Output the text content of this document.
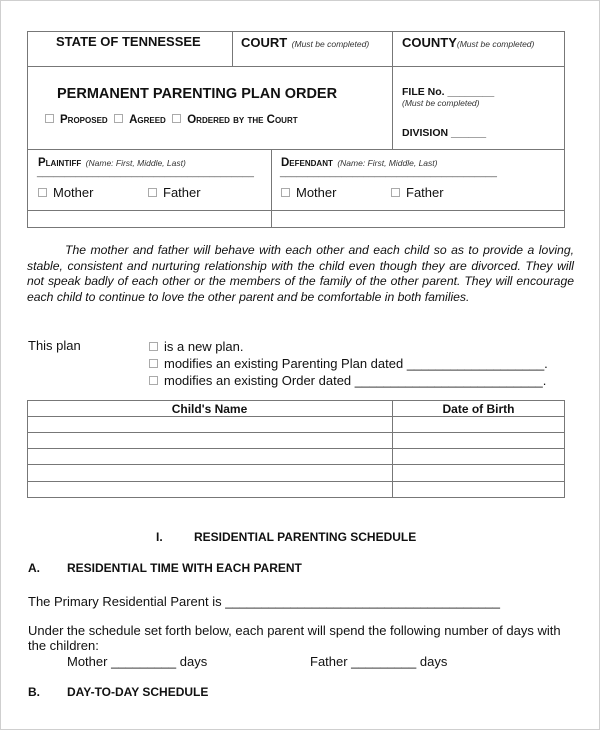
STATE OF TENNESSEE	COURT (Must be completed)	COUNTY(Must be completed)
PERMANENT PARENTING PLAN ORDER
Proposed Agreed Ordered by the Court
FILE No. ________
(Must be completed)
DIVISION ______
Plaintiff (Name: First, Middle, Last)
_______________________________________
Mother	Father
Defendant (Name: First, Middle, Last)
_______________________________________
Mother	Father

The mother and father will behave with each other and each child so as to provide a loving, stable, consistent and nurturing relationship with the child even though they are divorced. They will not speak badly of each other or the members of the family of the other parent. They will encourage each child to continue to love the other parent and be comfortable in both families.

This plan	is a new plan.
modifies an existing Parenting Plan dated ___________________.
modifies an existing Order dated __________________________.
Child's Name	Date of Birth
I.	RESIDENTIAL PARENTING SCHEDULE
A. RESIDENTIAL TIME WITH EACH PARENT
The Primary Residential Parent is ______________________________________
Under the schedule set forth below, each parent will spend the following number of days with the children:
Mother _________ days	Father _________ days
B. DAY-TO-DAY SCHEDULE
